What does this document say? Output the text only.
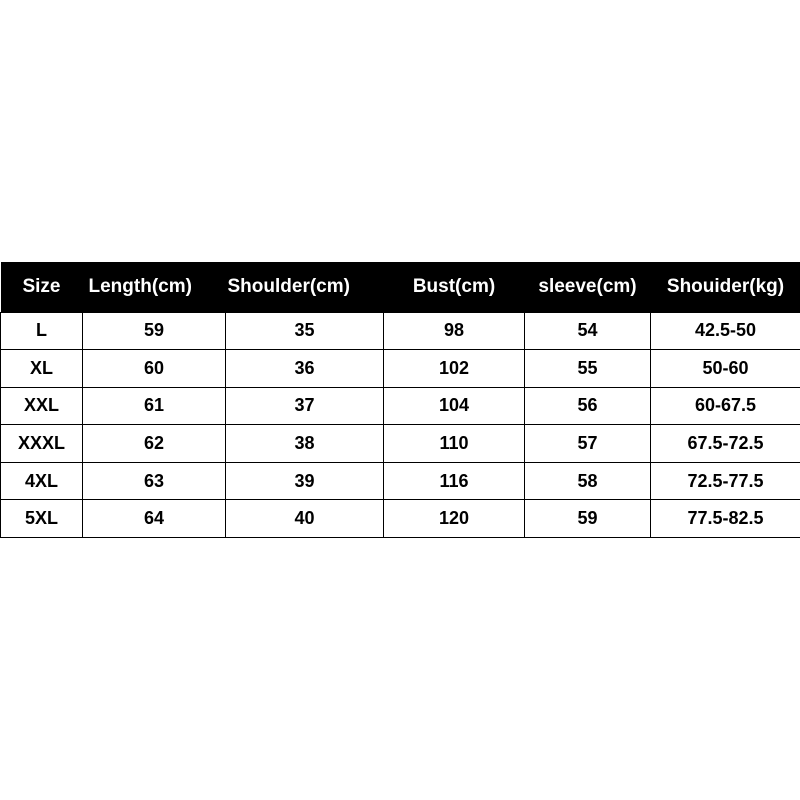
Size	Length(cm)	Shoulder(cm)	Bust(cm)	sleeve(cm)	Shouider(kg)
L	59	35	98	54	42.5-50
XL	60	36	102	55	50-60
XXL	61	37	104	56	60-67.5
XXXL	62	38	110	57	67.5-72.5
4XL	63	39	116	58	72.5-77.5
5XL	64	40	120	59	77.5-82.5
